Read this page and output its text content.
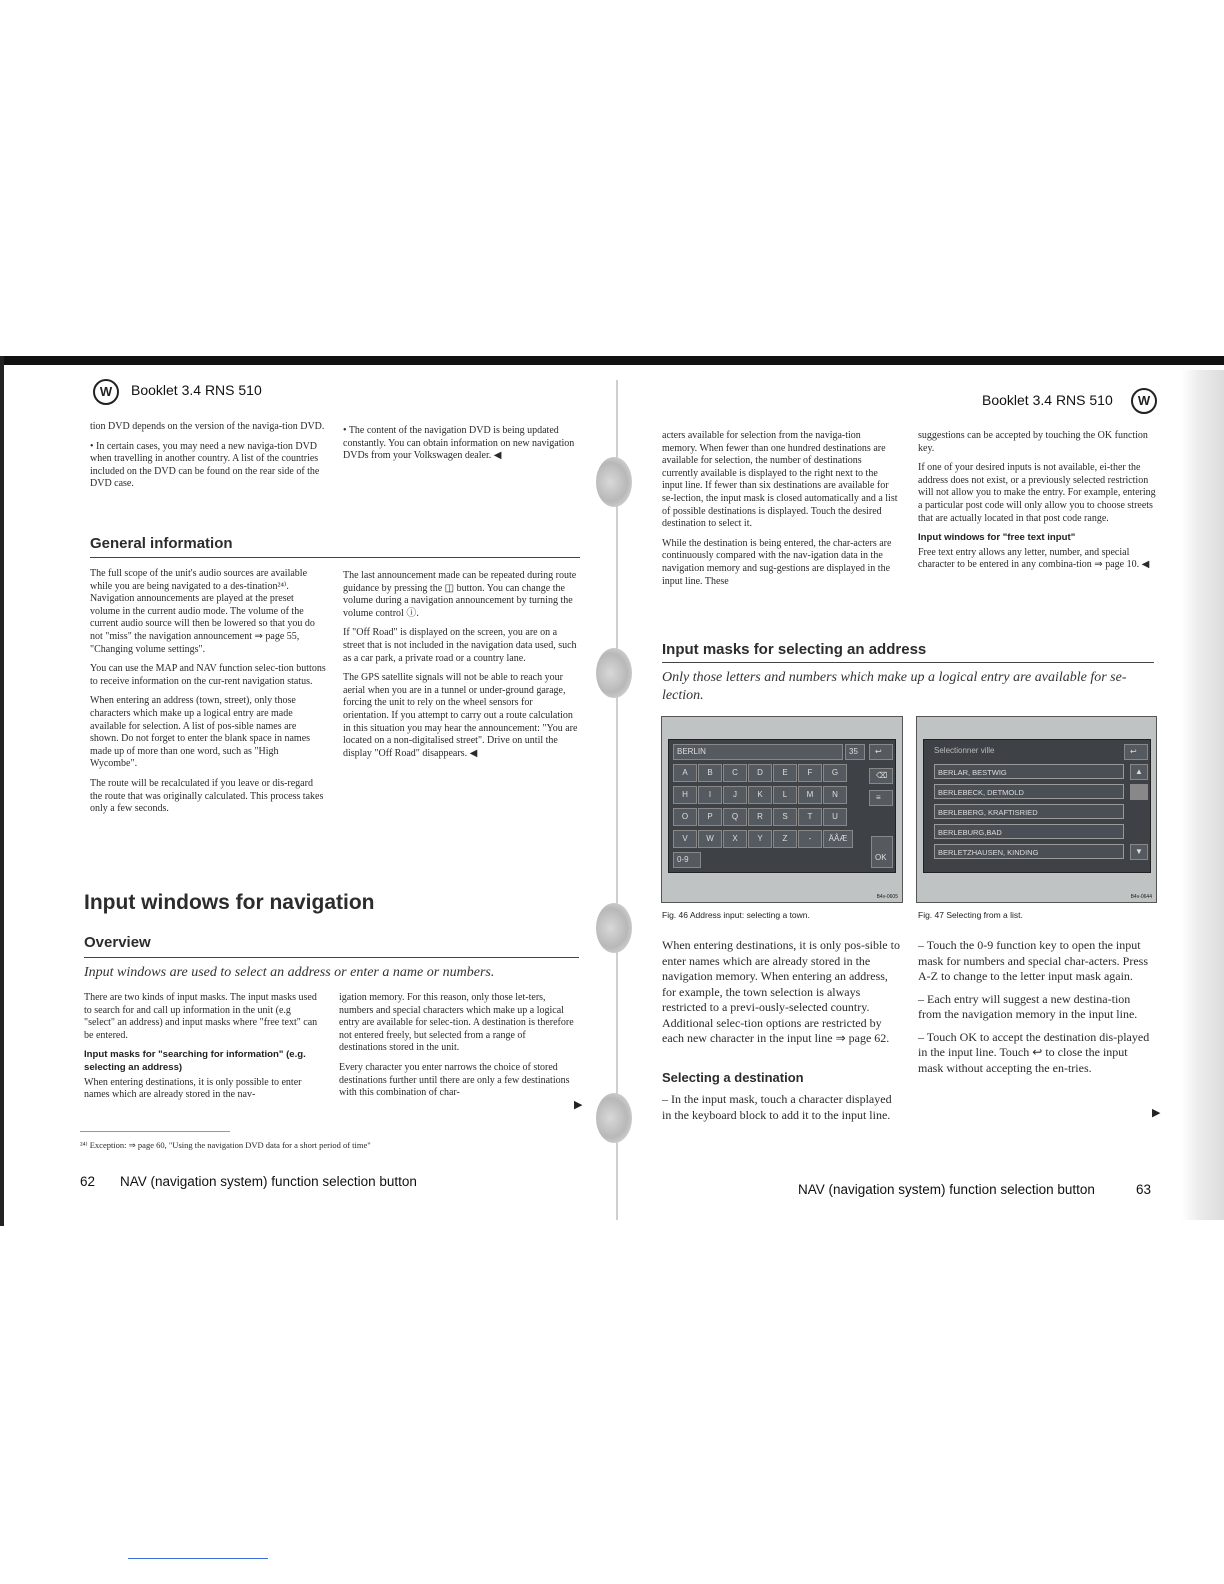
W	Booklet 3.4 RNS 510

tion DVD depends on the version of the naviga-tion DVD.

• In certain cases, you may need a new naviga-tion DVD when travelling in another country. A list of the countries included on the DVD can be found on the rear side of the DVD case.

• The content of the navigation DVD is being updated constantly. You can obtain information on new navigation DVDs from your Volkswagen dealer. ◀

General information

The full scope of the unit's audio sources are available while you are being navigated to a des-tination²⁴⁾. Navigation announcements are played at the preset volume in the current audio mode. The volume of the current audio source will then be lowered so that you do not "miss" the navigation announcement ⇒ page 55, "Changing volume settings".

You can use the MAP and NAV function selec-tion buttons to receive information on the cur-rent navigation status.

When entering an address (town, street), only those characters which make up a logical entry are made available for selection. A list of pos-sible names are shown. Do not forget to enter the blank space in names made up of more than one word, such as "High Wycombe".

The route will be recalculated if you leave or dis-regard the route that was originally calculated. This process takes only a few seconds.

The last announcement made can be repeated during route guidance by pressing the ◫ button. You can change the volume during a navigation announcement by turning the volume control ⓘ.

If "Off Road" is displayed on the screen, you are on a street that is not included in the navigation data used, such as a car park, a private road or a country lane.

The GPS satellite signals will not be able to reach your aerial when you are in a tunnel or under-ground garage, forcing the unit to rely on the wheel sensors for orientation. If you attempt to carry out a route calculation in this situation you may hear the announcement: "You are located on a non-digitalised street". Drive on until the display "Off Road" disappears. ◀

Input windows for navigation
Overview
Input windows are used to select an address or enter a name or numbers.

There are two kinds of input masks. The input masks used to search for and call up information in the unit (e.g "select" an address) and input masks where "free text" can be entered.

Input masks for "searching for information" (e.g. selecting an address)

When entering destinations, it is only possible to enter names which are already stored in the nav-

igation memory. For this reason, only those let-ters, numbers and special characters which make up a logical entry are available for selec-tion. A destination is therefore not entered freely, but selected from a range of destinations stored in the unit.

Every character you enter narrows the choice of stored destinations further until there are only a few destinations with this combination of char-

▶
²⁴⁾ Exception: ⇒ page 60, "Using the navigation DVD data for a short period of time"
62 NAV (navigation system) function selection button
Booklet 3.4 RNS 510	W

acters available for selection from the naviga-tion memory. When fewer than one hundred destinations are available for selection, the number of destinations currently available is displayed to the right next to the input line. If fewer than six destinations are available for se-lection, the input mask is closed automatically and a list of possible destinations is displayed. Touch the desired destination to select it.

While the destination is being entered, the char-acters are continuously compared with the nav-igation data in the navigation memory and sug-gestions are displayed in the input line. These

suggestions can be accepted by touching the OK function key.

If one of your desired inputs is not available, ei-ther the address does not exist, or a previously selected restriction will not allow you to make the entry. For example, entering a particular post code will only allow you to choose streets that are actually located in that post code range.

Input windows for "free text input"

Free text entry allows any letter, number, and special character to be entered in any combina-tion ⇒ page 10. ◀

Input masks for selecting an address
Only those letters and numbers which make up a logical entry are available for se-lection.
BERLIN	35 ↩
A	B	C	D	E	F	G
H	I	J	K	L	M	N
O	P	Q	R	S	T	U
V	W	X	Y	Z	-	ÄÅÆ
⌫
≡
0-9	OK
B4v-0605
Fig. 46 Address input: selecting a town.
Selectionner ville	↩
BERLAR, BESTWIG
BERLEBECK, DETMOLD
BERLEBERG, KRAFTISRIED
BERLEBURG,BAD
BERLETZHAUSEN, KINDING
▲
▼
B4v-0644
Fig. 47 Selecting from a list.

When entering destinations, it is only pos-sible to enter names which are already stored in the navigation memory. When entering an address, for example, the town selection is always restricted to a previ-ously-selected country. Additional selec-tion options are restricted by each new character in the input line ⇒ page 62.

Selecting a destination

– In the input mask, touch a character displayed in the keyboard block to add it to the input line.

– Touch the 0-9 function key to open the input mask for numbers and special char-acters. Press A-Z to change to the letter input mask again.

– Each entry will suggest a new destina-tion from the navigation memory in the input line.

– Touch OK to accept the destination dis-played in the input line. Touch ↩ to close the input mask without accepting the en-tries.

▶
NAV (navigation system) function selection button	63
